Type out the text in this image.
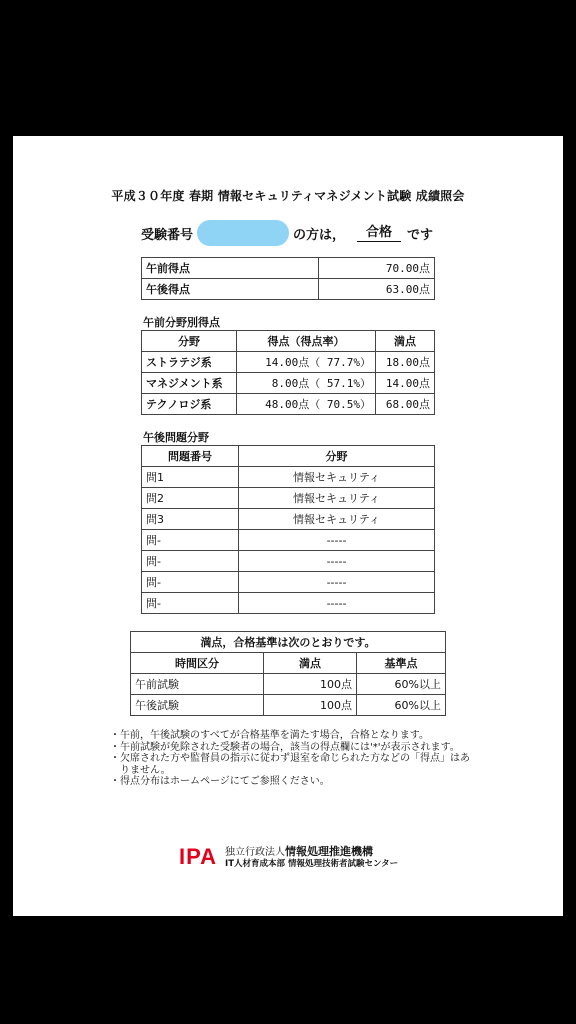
平成３０年度 春期 情報セキュリティマネジメント試験 成績照会
受験番号	の方は，	合格	です
午前得点	70.00点
午後得点	63.00点
午前分野別得点
分野	得点（得点率）	満点
ストラテジ系	14.00点（ 77.7%）	18.00点
マネジメント系	8.00点（ 57.1%）	14.00点
テクノロジ系	48.00点（ 70.5%）	68.00点
午後問題分野
問題番号	分野
問1	情報セキュリティ
問2	情報セキュリティ
問3	情報セキュリティ
問-	-----
問-	-----
問-	-----
問-	-----
満点，合格基準は次のとおりです。		
時間区分	満点	基準点
午前試験	100点	60%以上
午後試験	100点	60%以上
・ 午前，午後試験のすべてが合格基準を満たす場合，合格となります。
・ 午前試験が免除された受験者の場合，該当の得点欄には'*'が表示されます。
・ 欠席された方や監督員の指示に従わず退室を命じられた方などの「得点」はありません。
・ 得点分布はホームページにてご参照ください。
IPA 独立行政法人情報処理推進機構
IT人材育成本部 情報処理技術者試験センター
